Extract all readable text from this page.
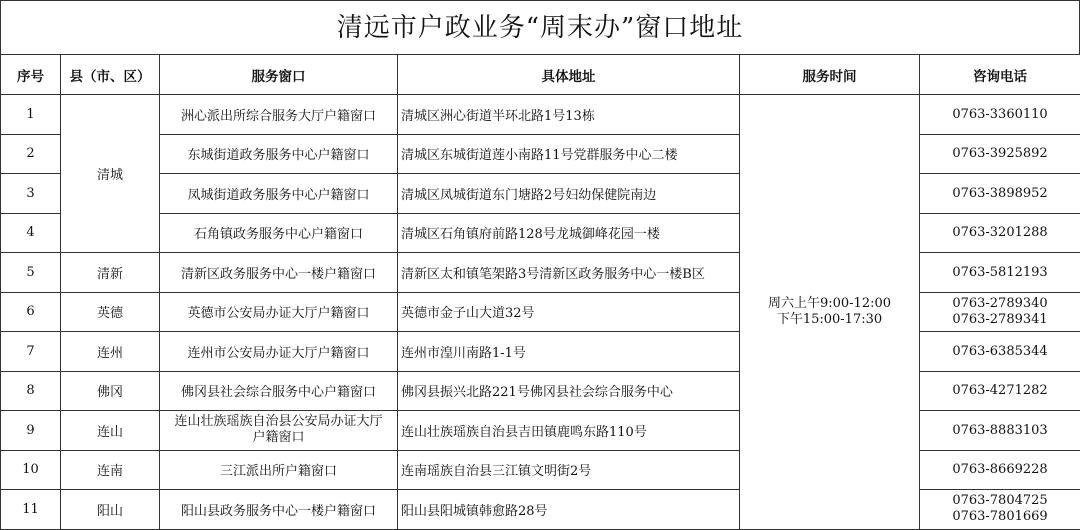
清远市户政业务“周末办”窗口地址
序号	县（市、区）	服务窗口	具体地址	服务时间	咨询电话
1	清城	洲心派出所综合服务大厅户籍窗口	清城区洲心街道半环北路1号13栋	周六上午9:00-12:00
下午15:00-17:30	0763-3360110
2		东城街道政务服务中心户籍窗口	清城区东城街道莲小南路11号党群服务中心二楼		0763-3925892
3		凤城街道政务服务中心户籍窗口	清城区凤城街道东门塘路2号妇幼保健院南边		0763-3898952
4		石角镇政务服务中心户籍窗口	清城区石角镇府前路128号龙城御峰花园一楼		0763-3201288
5	清新	清新区政务服务中心一楼户籍窗口	清新区太和镇笔架路3号清新区政务服务中心一楼B区		0763-5812193
6	英德	英德市公安局办证大厅户籍窗口	英德市金子山大道32号		0763-2789340
0763-2789341

7	连州	连州市公安局办证大厅户籍窗口	连州市湟川南路1-1号		0763-6385344
8	佛冈	佛冈县社会综合服务中心户籍窗口	佛冈县振兴北路221号佛冈县社会综合服务中心		0763-4271282
9	连山	连山壮族瑶族自治县公安局办证大厅
户籍窗口	连山壮族瑶族自治县吉田镇鹿鸣东路110号		0763-8883103
10	连南	三江派出所户籍窗口	连南瑶族自治县三江镇文明街2号		0763-8669228
11	阳山	阳山县政务服务中心一楼户籍窗口	阳山县阳城镇韩愈路28号		0763-7804725
0763-7801669
